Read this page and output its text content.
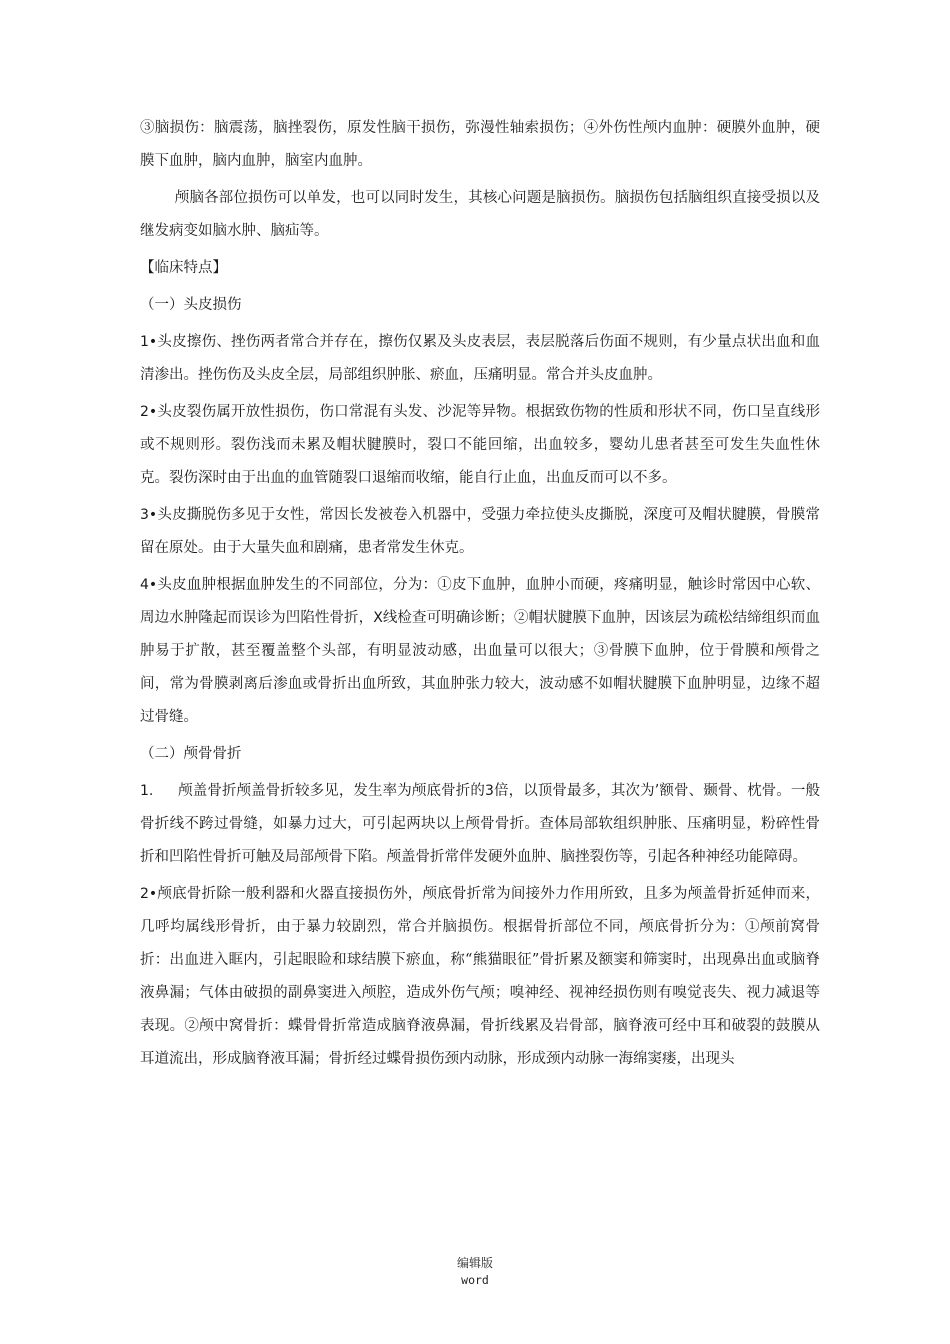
③脑损伤：脑震荡，脑挫裂伤，原发性脑干损伤，弥漫性轴索损伤；④外伤性颅内血肿：硬膜外血肿，硬膜下血肿，脑内血肿，脑室内血肿。

颅脑各部位损伤可以单发，也可以同时发生，其核心问题是脑损伤。脑损伤包括脑组织直接受损以及继发病变如脑水肿、脑疝等。

【临床特点】

（一）头皮损伤

1•头皮擦伤、挫伤两者常合并存在，擦伤仅累及头皮表层，表层脱落后伤面不规则，有少量点状出血和血清渗出。挫伤伤及头皮全层，局部组织肿胀、瘀血，压痛明显。常合并头皮血肿。

2•头皮裂伤属开放性损伤，伤口常混有头发、沙泥等异物。根据致伤物的性质和形状不同，伤口呈直线形或不规则形。裂伤浅而未累及帽状腱膜时，裂口不能回缩，出血较多，婴幼儿患者甚至可发生失血性休克。裂伤深时由于出血的血管随裂口退缩而收缩，能自行止血，出血反而可以不多。

3•头皮撕脱伤多见于女性，常因长发被卷入机器中，受强力牵拉使头皮撕脱，深度可及帽状腱膜，骨膜常留在原处。由于大量失血和剧痛，患者常发生休克。

4•头皮血肿根据血肿发生的不同部位，分为：①皮下血肿，血肿小而硬，疼痛明显，触诊时常因中心软、周边水肿隆起而误诊为凹陷性骨折，X线检查可明确诊断；②帽状腱膜下血肿，因该层为疏松结缔组织而血肿易于扩散，甚至覆盖整个头部，有明显波动感，出血量可以很大；③骨膜下血肿，位于骨膜和颅骨之间，常为骨膜剥离后渗血或骨折出血所致，其血肿张力较大，波动感不如帽状腱膜下血肿明显，边缘不超过骨缝。

（二）颅骨骨折

1. 颅盖骨折颅盖骨折较多见，发生率为颅底骨折的3倍，以顶骨最多，其次为’额骨、颞骨、枕骨。一般骨折线不跨过骨缝，如暴力过大，可引起两块以上颅骨骨折。查体局部软组织肿胀、压痛明显，粉碎性骨折和凹陷性骨折可触及局部颅骨下陷。颅盖骨折常伴发硬外血肿、脑挫裂伤等，引起各种神经功能障碍。

2•颅底骨折除一般利器和火器直接损伤外，颅底骨折常为间接外力作用所致，且多为颅盖骨折延伸而来，几呼均属线形骨折，由于暴力较剧烈，常合并脑损伤。根据骨折部位不同，颅底骨折分为：①颅前窝骨折：出血进入眶内，引起眼睑和球结膜下瘀血，称“熊猫眼征”骨折累及额窦和筛窦时，出现鼻出血或脑脊液鼻漏；气体由破损的副鼻窦进入颅腔，造成外伤气颅；嗅神经、视神经损伤则有嗅觉丧失、视力减退等表现。②颅中窝骨折：蝶骨骨折常造成脑脊液鼻漏，骨折线累及岩骨部，脑脊液可经中耳和破裂的鼓膜从耳道流出，形成脑脊液耳漏；骨折经过蝶骨损伤颈内动脉，形成颈内动脉一海绵窦瘘，出现头

编辑版
word
